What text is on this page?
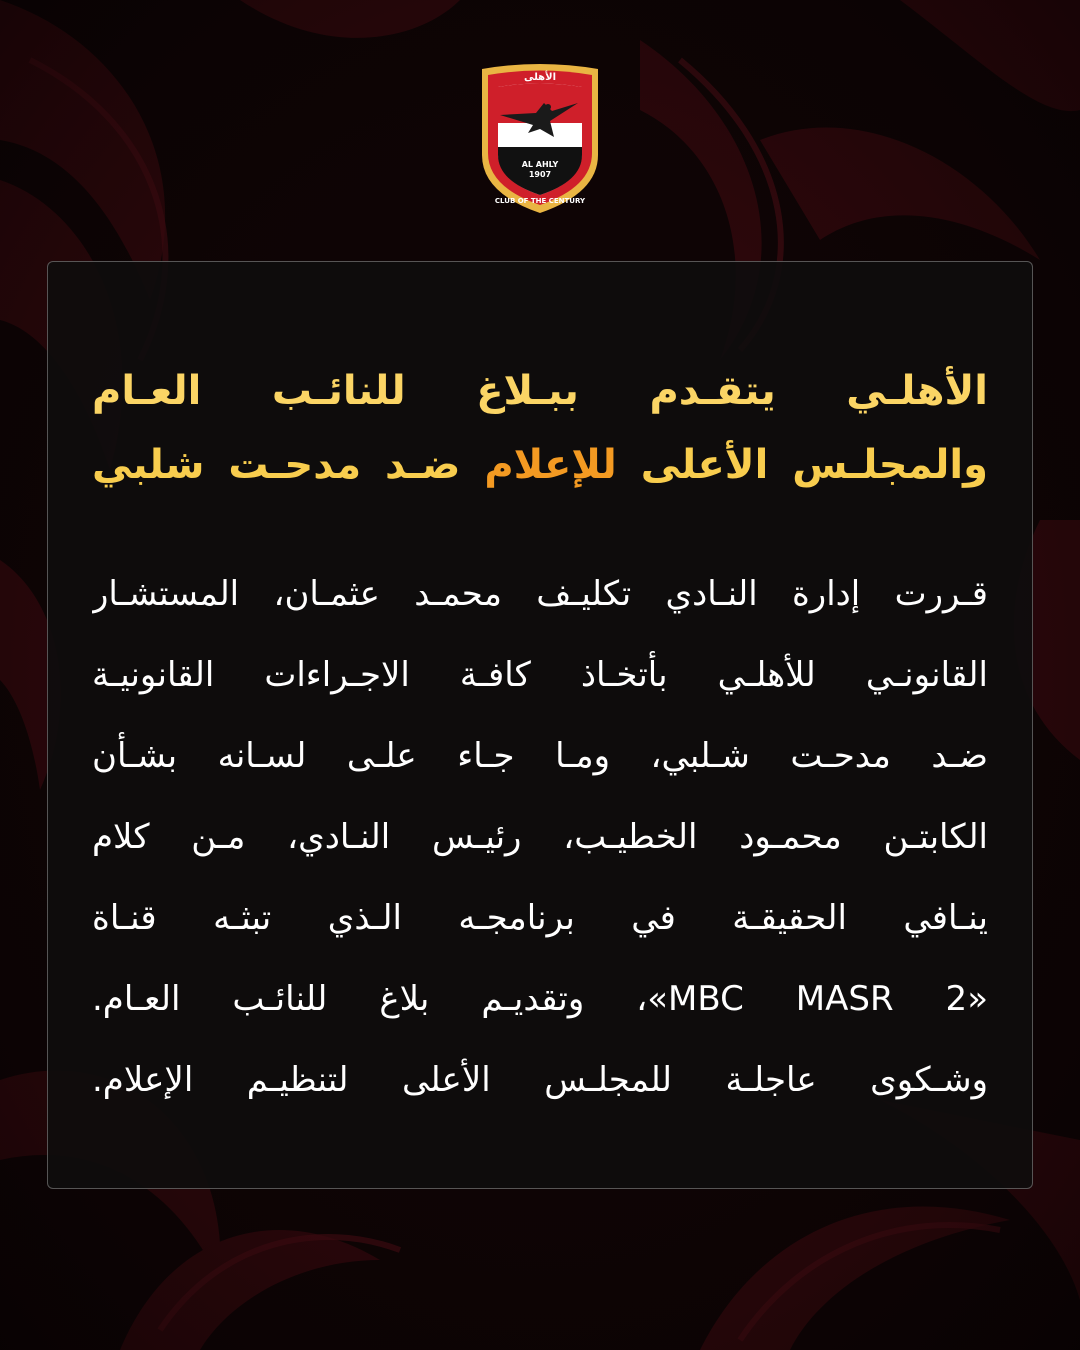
الأهلى
AL AHLY
1907
CLUB OF THE CENTURY
الأهلـي يتقـدم ببـلاغ للنائـب العـام
والمجلـس الأعلى للإعلام ضـد مدحـت شلبي
قـررت إدارة النـادي تكليـف محمـد عثمـان، المستشـار
القانونـي للأهلـي بأتخـاذ كافـة الاجـراءات القانونيـة
ضـد مدحـت شـلبي، ومـا جـاء علـى لسـانه بشـأن
الكابتـن محمـود الخطيـب، رئيـس النـادي، مـن كلام
ينـافي الحقيقـة في برنامجـه الـذي تبثـه قنـاة
«MBC MASR 2»، وتقديـم بلاغ للنائـب العـام.
وشـكوى عاجلـة للمجلـس الأعلى لتنظيـم الإعلام.
